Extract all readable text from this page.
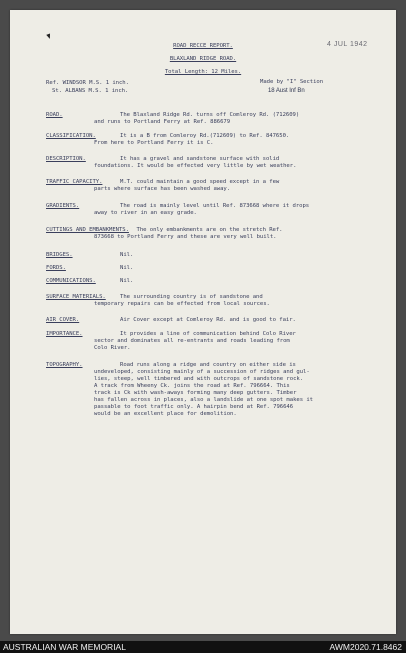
ROAD RECCE REPORT.
BLAXLAND RIDGE ROAD.
Total Length: 12 Miles.
4 JUL 1942
Made by "I" Section
18 Aust Inf Bn
Ref. WINDSOR M.S. 1 inch.
St. ALBANS M.S. 1 inch.
ROAD.	The Blaxland Ridge Rd. turns off Comleroy Rd. (712609)
and runs to Portland Ferry at Ref. 886679
CLASSIFICATION.	It is a B from Comleroy Rd.(712609) to Ref. 847650.
From here to Portland Ferry it is C.
DESCRIPTION.	It has a gravel and sandstone surface with solid
foundations. It would be effected very little by wet weather.
TRAFFIC CAPACITY.	M.T. could maintain a good speed except in a few
parts where surface has been washed away.
GRADIENTS.	The road is mainly level until Ref. 873668 where it drops
away to river in an easy grade.
CUTTINGS AND EMBANKMENTS. The only embankments are on the stretch Ref.
873668 to Portland Ferry and these are very well built.
BRIDGES.	Nil.
FORDS.	Nil.
COMMUNICATIONS.	Nil.
SURFACE MATERIALS.	The surrounding country is of sandstone and
temporary repairs can be effected from local sources.
AIR COVER.	Air Cover except at Comleroy Rd. and is good to fair.
IMPORTANCE.	It provides a line of communication behind Colo River
sector and dominates all re-entrants and roads leading from
Colo River.
TOPOGRAPHY.	Road runs along a ridge and country on either side is
undeveloped, consisting mainly of a succession of ridges and gul-
lies, steep, well timbered and with outcrops of sandstone rock.
A track from Wheeny Ck. joins the road at Ref. 796664. This
track is Ck with wash-aways forming many deep gutters. Timber
has fallen across in places, also a landslide at one spot makes it
passable to foot traffic only. A hairpin bend at Ref. 796646
would be an excellent place for demolition.
AUSTRALIAN WAR MEMORIAL	AWM2020.71.8462
